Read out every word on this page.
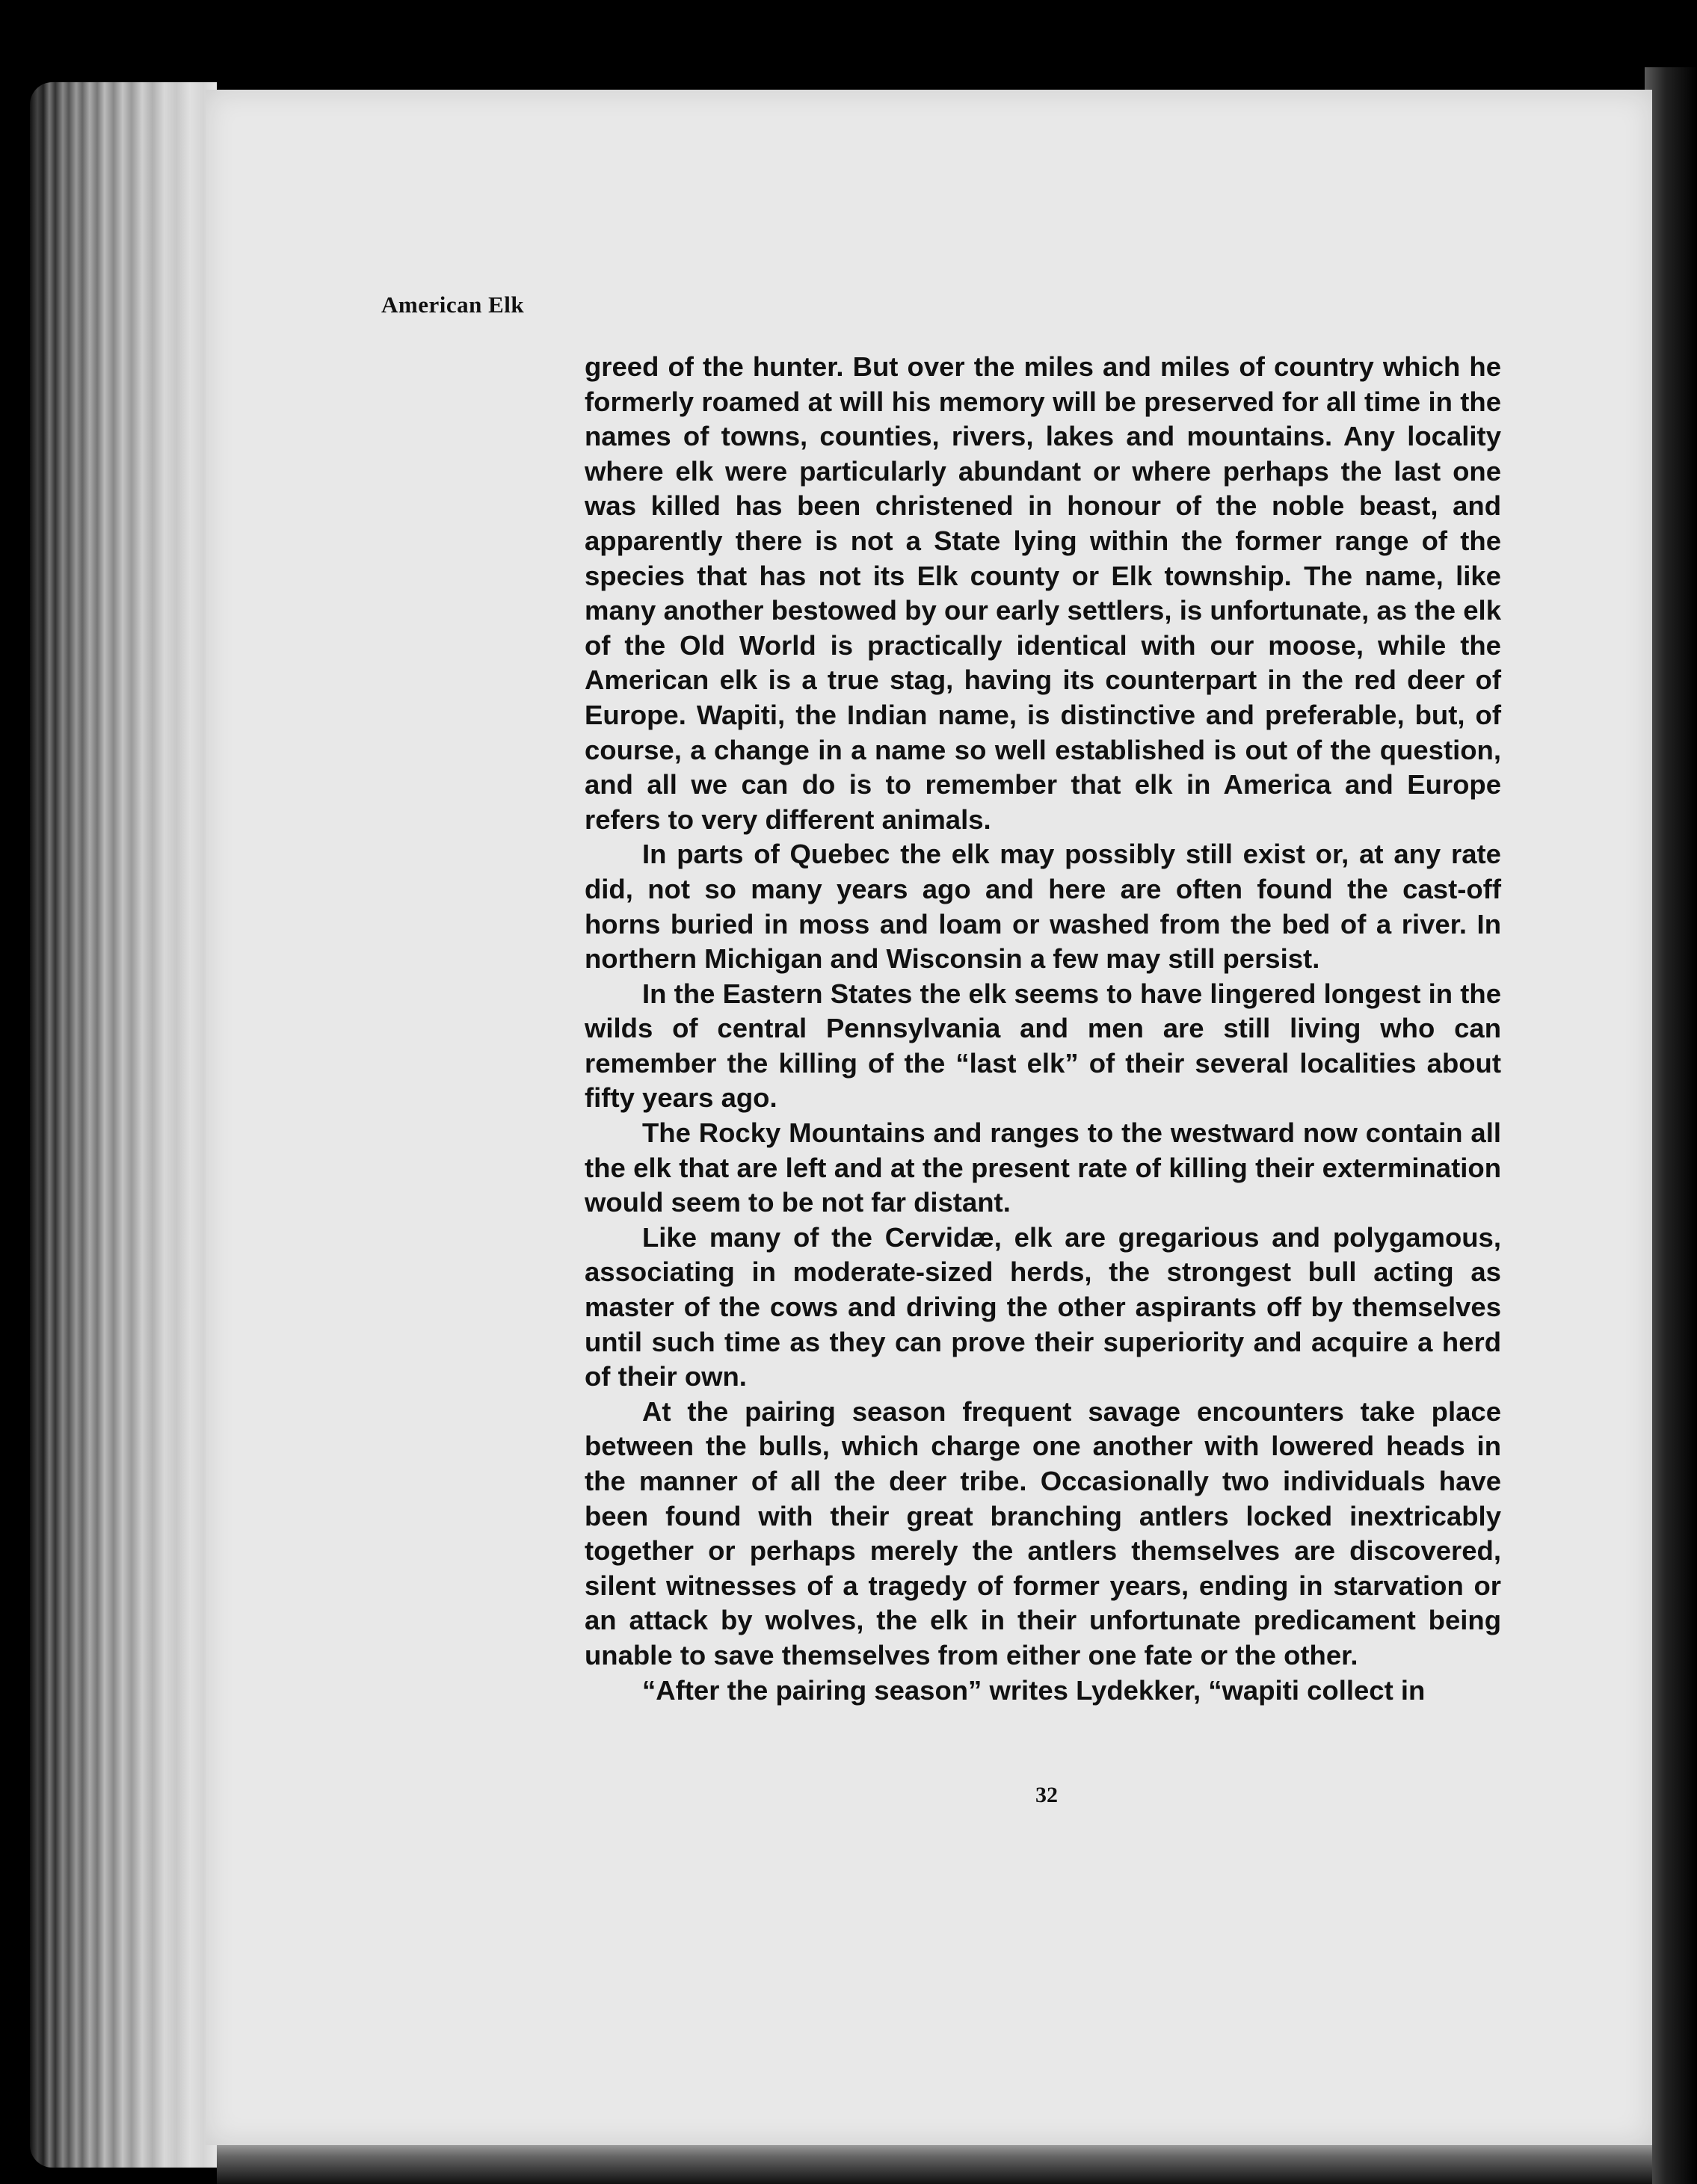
American Elk

greed of the hunter. But over the miles and miles of country which he formerly roamed at will his memory will be preserved for all time in the names of towns, counties, rivers, lakes and mountains. Any locality where elk were particularly abundant or where perhaps the last one was killed has been christened in honour of the noble beast, and apparently there is not a State lying within the former range of the species that has not its Elk county or Elk township. The name, like many another bestowed by our early settlers, is unfortunate, as the elk of the Old World is practically identical with our moose, while the American elk is a true stag, having its counterpart in the red deer of Europe. Wapiti, the Indian name, is distinctive and preferable, but, of course, a change in a name so well established is out of the question, and all we can do is to remember that elk in America and Europe refers to very different animals.

In parts of Quebec the elk may possibly still exist or, at any rate did, not so many years ago and here are often found the cast-off horns buried in moss and loam or washed from the bed of a river. In northern Michigan and Wisconsin a few may still persist.

In the Eastern States the elk seems to have lingered longest in the wilds of central Pennsylvania and men are still living who can remember the killing of the “last elk” of their several localities about fifty years ago.

The Rocky Mountains and ranges to the westward now contain all the elk that are left and at the present rate of killing their extermination would seem to be not far distant.

Like many of the Cervidæ, elk are gregarious and polygamous, associating in moderate-sized herds, the strongest bull acting as master of the cows and driving the other aspirants off by themselves until such time as they can prove their superiority and acquire a herd of their own.

At the pairing season frequent savage encounters take place between the bulls, which charge one another with lowered heads in the manner of all the deer tribe. Occasionally two individuals have been found with their great branching antlers locked inextricably together or perhaps merely the antlers themselves are discovered, silent witnesses of a tragedy of former years, ending in starvation or an attack by wolves, the elk in their unfortunate predicament being unable to save themselves from either one fate or the other.

“After the pairing season” writes Lydekker, “wapiti collect in

32
